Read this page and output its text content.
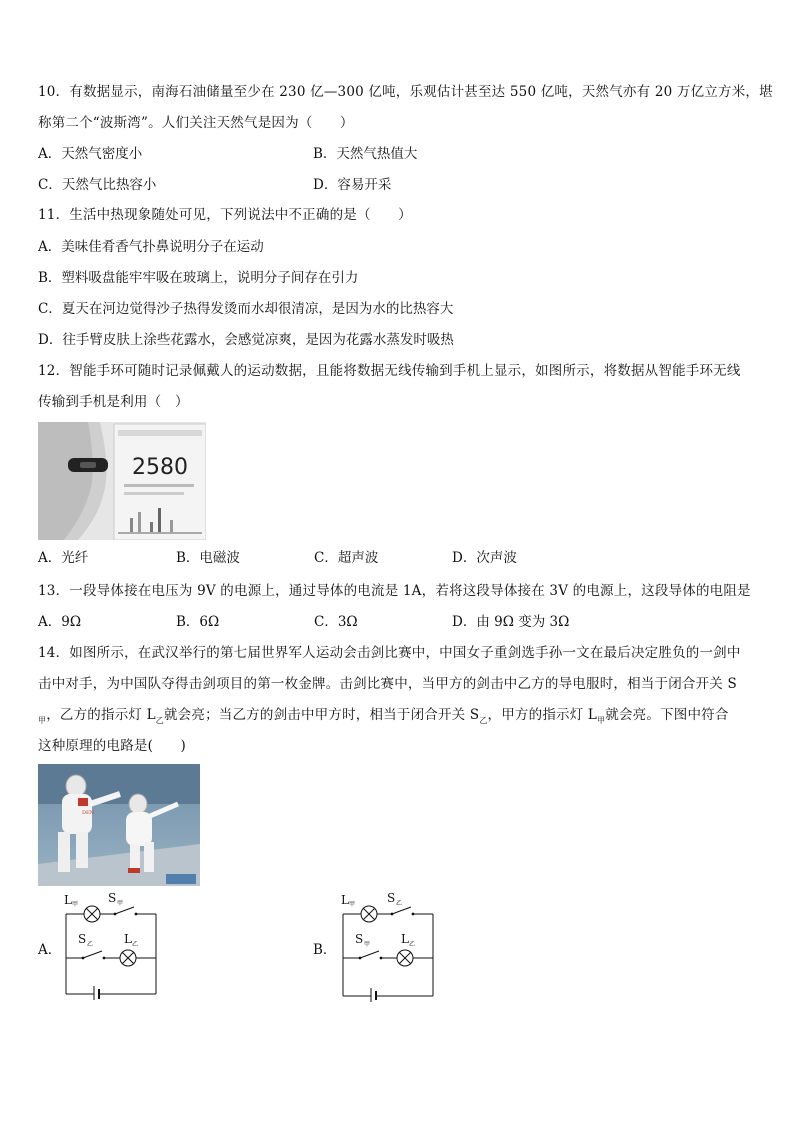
10．有数据显示，南海石油储量至少在 230 亿—300 亿吨，乐观估计甚至达 550 亿吨，天然气亦有 20 万亿立方米，堪
称第二个“波斯湾”。人们关注天然气是因为（　　）
A．天然气密度小	B．天然气热值大
C．天然气比热容小	D．容易开采
11．生活中热现象随处可见，下列说法中不正确的是（　　）
A．美味佳肴香气扑鼻说明分子在运动
B．塑料吸盘能牢牢吸在玻璃上，说明分子间存在引力
C．夏天在河边觉得沙子热得发烫而水却很清凉，是因为水的比热容大
D．往手臂皮肤上涂些花露水，会感觉凉爽，是因为花露水蒸发时吸热
12．智能手环可随时记录佩戴人的运动数据，且能将数据无线传输到手机上显示，如图所示，将数据从智能手环无线
传输到手机是利用（　）
2580
A．光纤	B．电磁波	C．超声波	D．次声波
13．一段导体接在电压为 9V 的电源上，通过导体的电流是 1A，若将这段导体接在 3V 的电源上，这段导体的电阻是
A．9Ω	B．6Ω	C．3Ω	D．由 9Ω 变为 3Ω
14．如图所示，在武汉举行的第七届世界军人运动会击剑比赛中，中国女子重剑选手孙一文在最后决定胜负的一剑中
击中对手，为中国队夺得击剑项目的第一枚金牌。击剑比赛中，当甲方的剑击中乙方的导电服时，相当于闭合开关 S
$_甲$，乙方的指示灯 $L_乙$就会亮；当乙方的剑击中甲方时，相当于闭合开关 $S_乙$，甲方的指示灯 $L_甲$就会亮。下图中符合
这种原理的电路是(　　)
DEN
A．
L 甲 S 甲
S 乙	L 乙	B．
L 甲	S 乙
S 甲	L 乙
